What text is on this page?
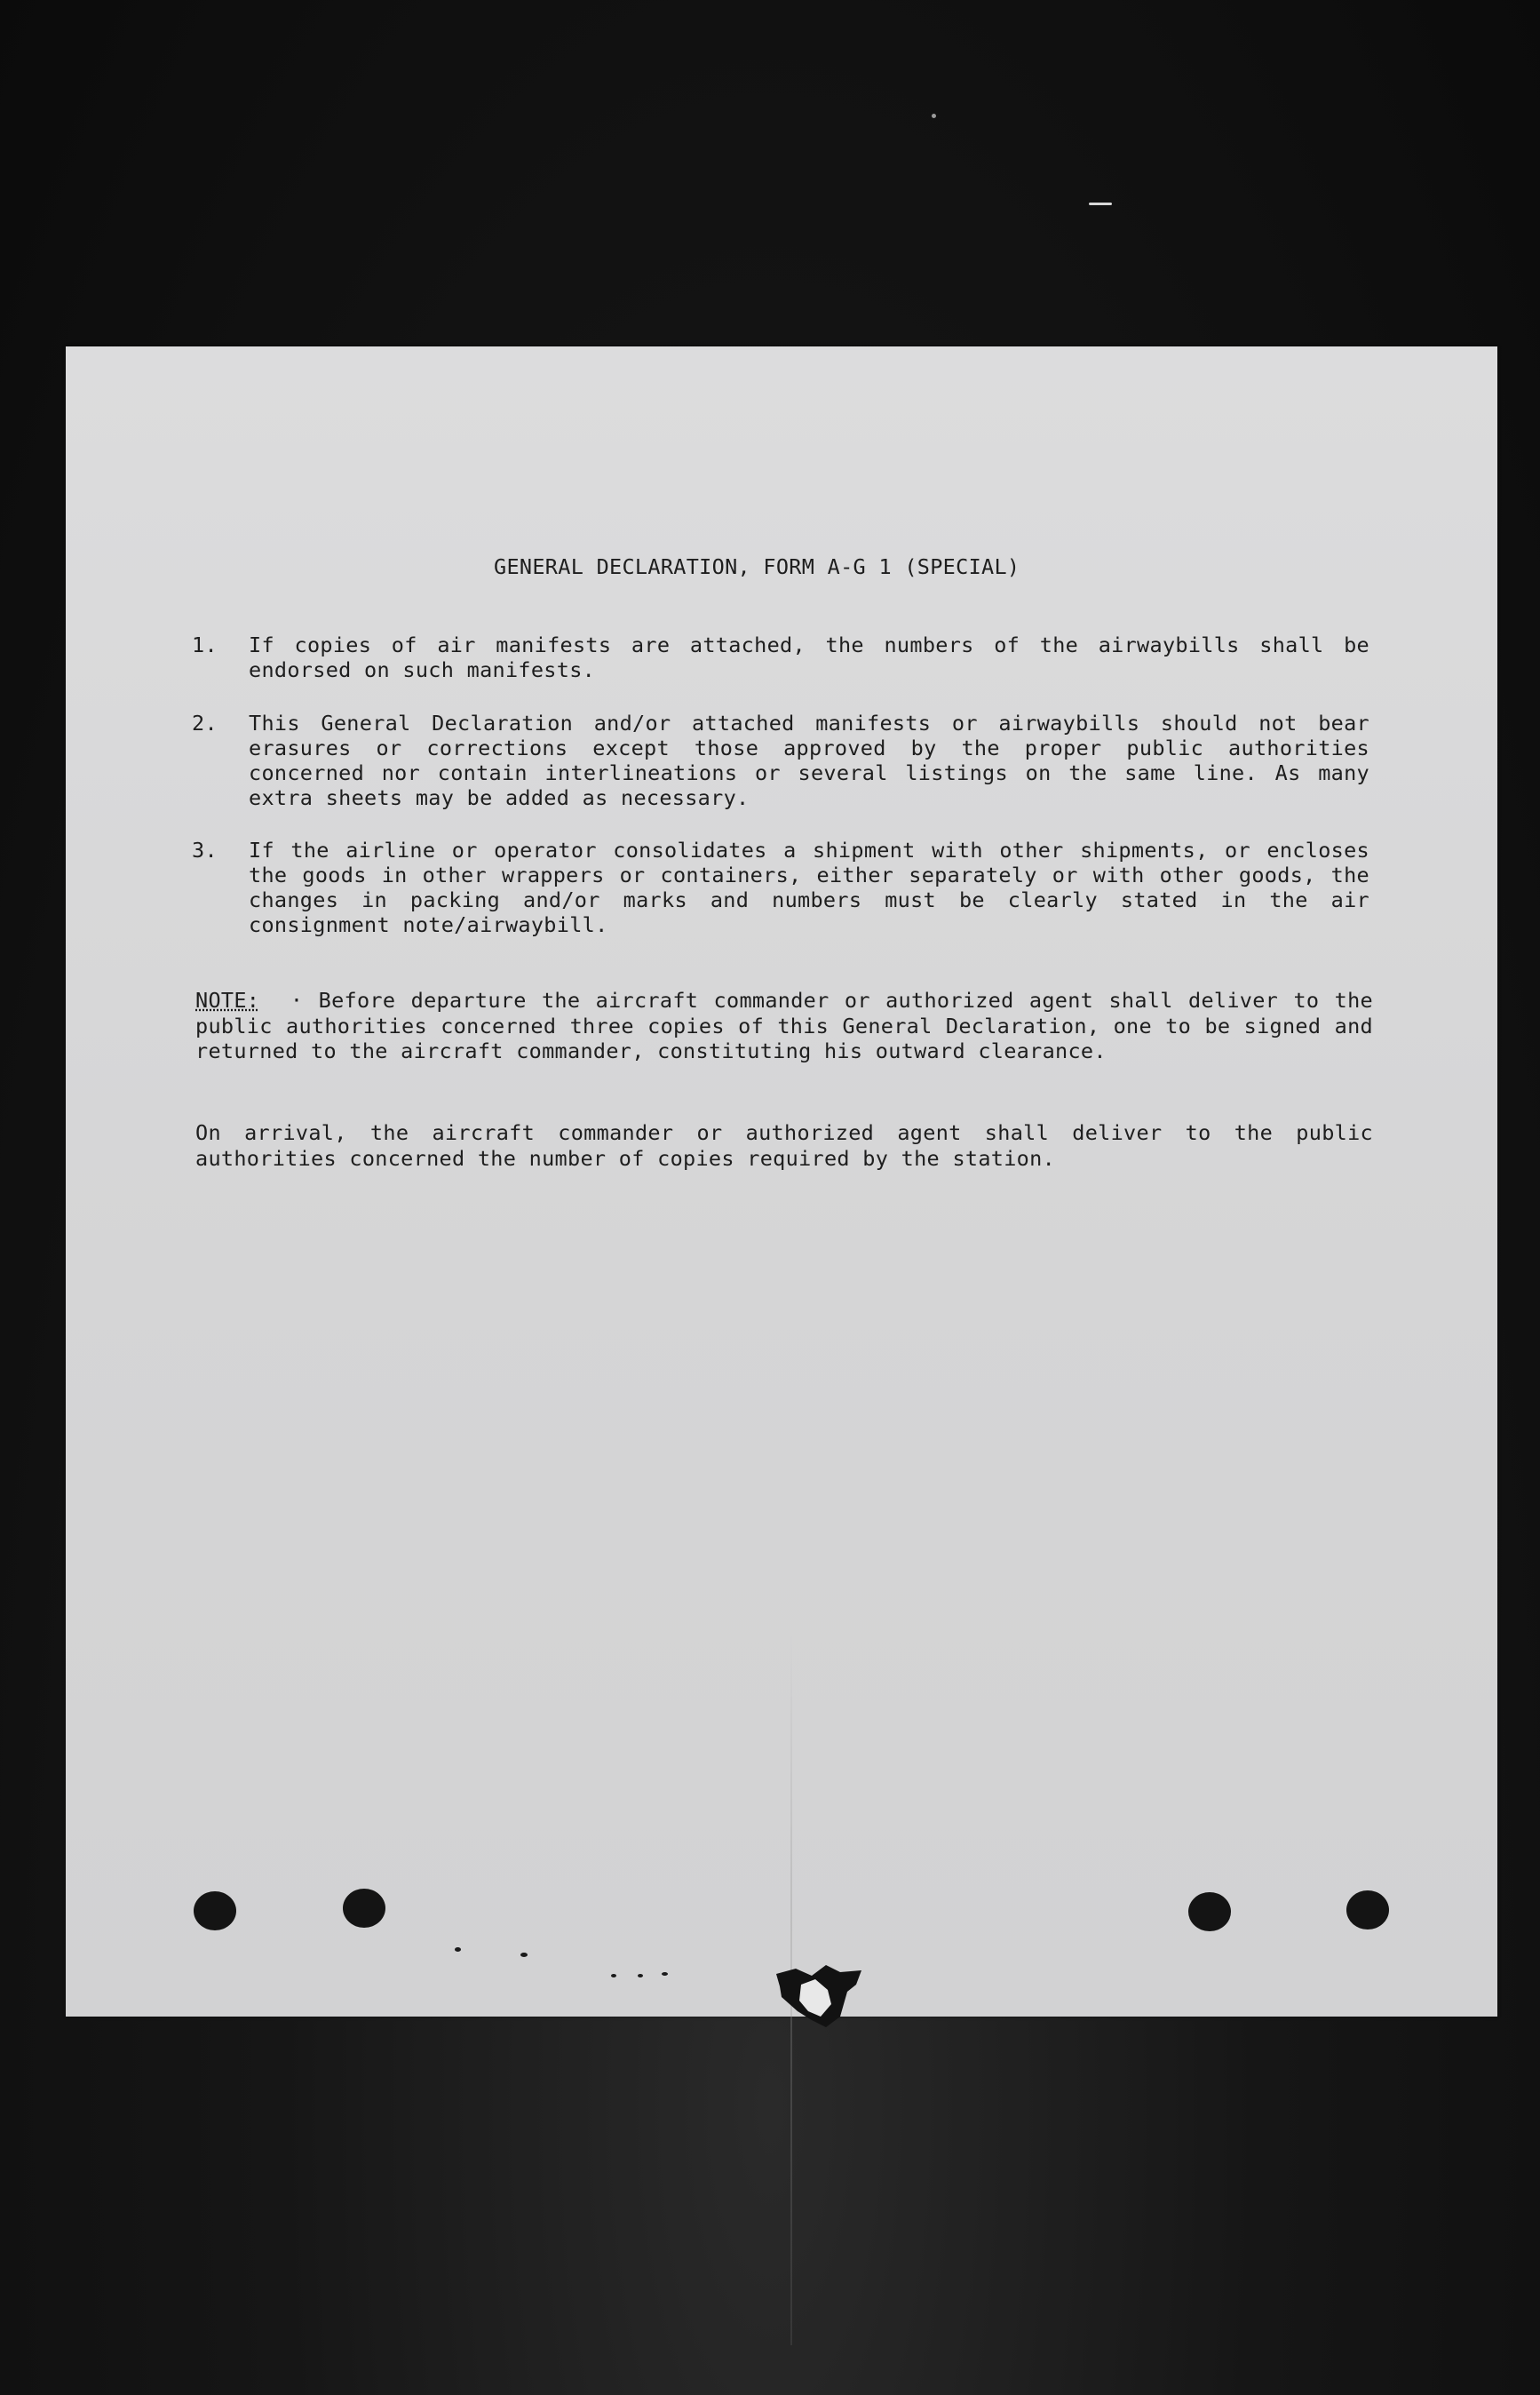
GENERAL DECLARATION, FORM A-G 1 (SPECIAL)
1.	If copies of air manifests are attached, the numbers of the airwaybills shall be endorsed on such manifests.
2.	This General Declaration and/or attached manifests or airwaybills should not bear erasures or corrections except those approved by the proper public authorities concerned nor contain interlineations or several listings on the same line. As many extra sheets may be added as necessary.
3.	If the airline or operator consolidates a shipment with other shipments, or encloses the goods in other wrappers or containers, either separately or with other goods, the changes in packing and/or marks and numbers must be clearly stated in the air consignment note/airwaybill.
NOTE:  · Before departure the aircraft commander or authorized agent shall deliver to the public authorities concerned three copies of this General Declaration, one to be signed and returned to the aircraft commander, constituting his outward clearance.
On arrival, the aircraft commander or authorized agent shall deliver to the public authorities concerned the number of copies required by the station.
